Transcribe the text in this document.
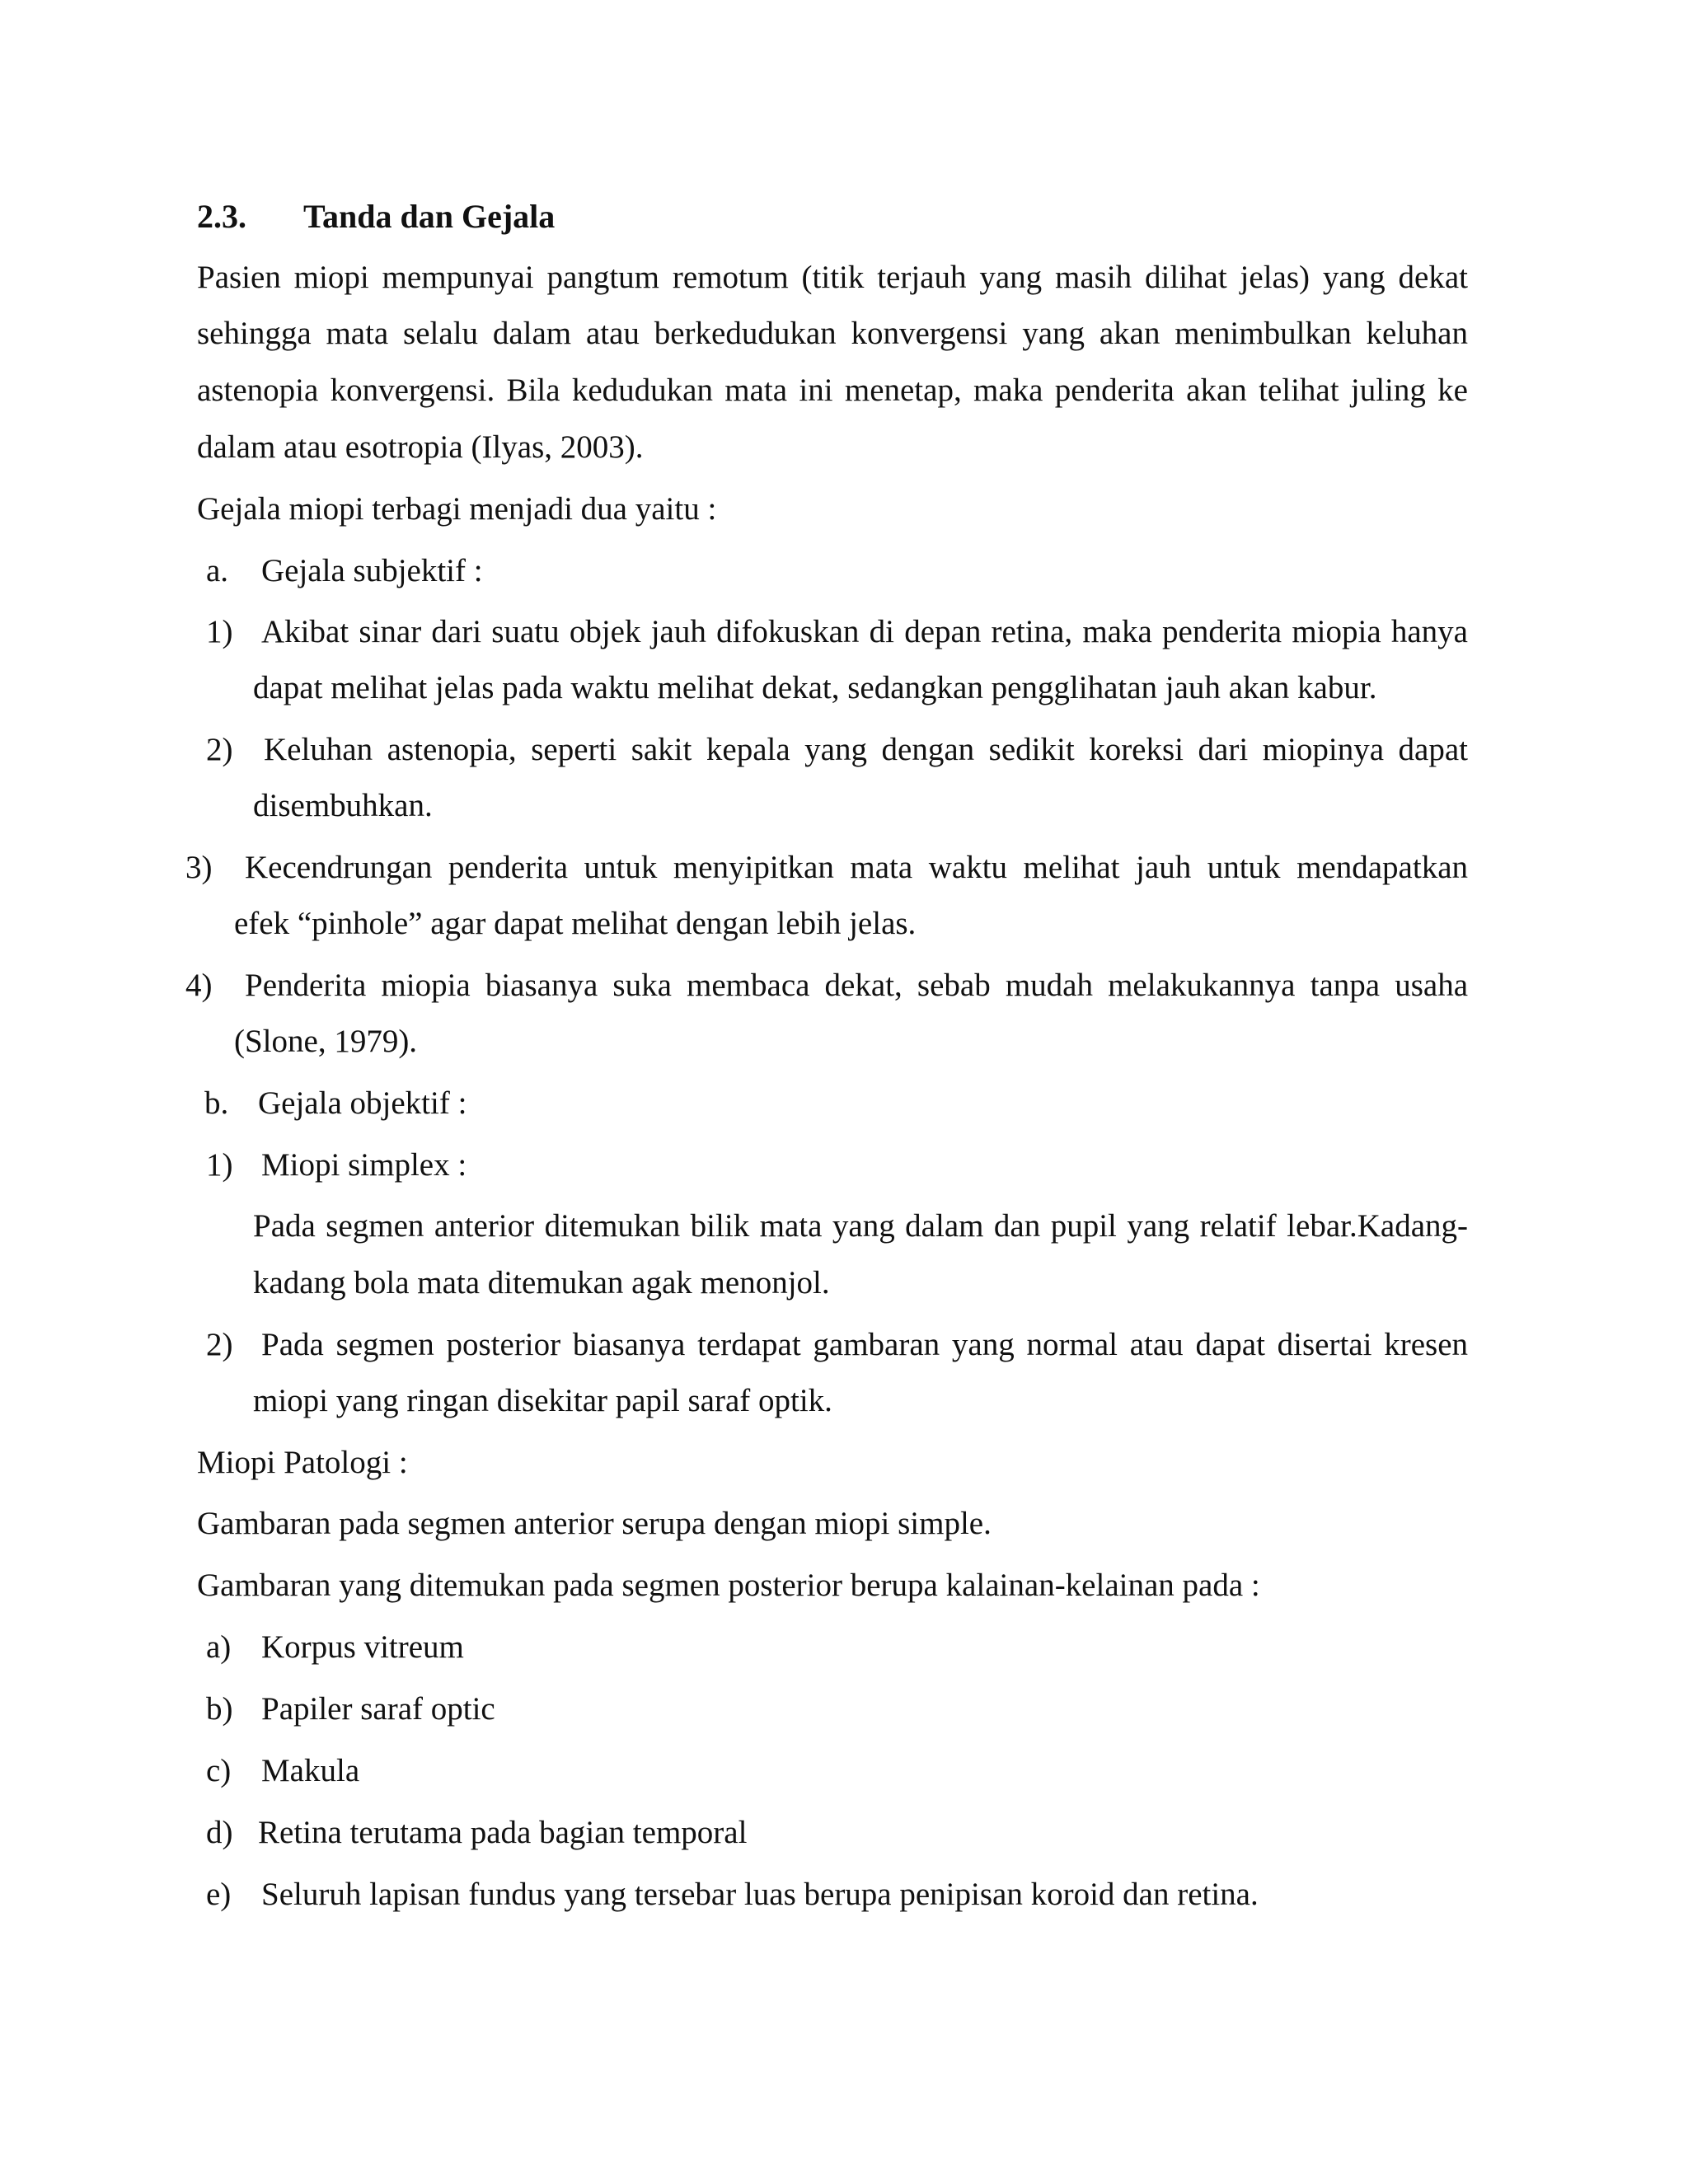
2.3. Tanda dan Gejala
Pasien miopi mempunyai pangtum remotum (titik terjauh yang masih dilihat jelas) yang dekat
sehingga mata selalu dalam atau berkedudukan konvergensi yang akan menimbulkan keluhan
astenopia konvergensi. Bila kedudukan mata ini menetap, maka penderita akan telihat juling ke
dalam atau esotropia (Ilyas, 2003).
Gejala miopi terbagi menjadi dua yaitu :
a. Gejala subjektif :
1) Akibat sinar dari suatu objek jauh difokuskan di depan retina, maka penderita miopia hanya
dapat melihat jelas pada waktu melihat dekat, sedangkan pengglihatan jauh akan kabur.
2) Keluhan astenopia, seperti sakit kepala yang dengan sedikit koreksi dari miopinya dapat
disembuhkan.
3) Kecendrungan penderita untuk menyipitkan mata waktu melihat jauh untuk mendapatkan
efek “pinhole” agar dapat melihat dengan lebih jelas.
4) Penderita miopia biasanya suka membaca dekat, sebab mudah melakukannya tanpa usaha
(Slone, 1979).
b. Gejala objektif :
1) Miopi simplex :
Pada segmen anterior ditemukan bilik mata yang dalam dan pupil yang relatif lebar.Kadang-
kadang bola mata ditemukan agak menonjol.
2) Pada segmen posterior biasanya terdapat gambaran yang normal atau dapat disertai kresen
miopi yang ringan disekitar papil saraf optik.
Miopi Patologi :
Gambaran pada segmen anterior serupa dengan miopi simple.
Gambaran yang ditemukan pada segmen posterior berupa kalainan-kelainan pada :
a) Korpus vitreum
b) Papiler saraf optic
c) Makula
d) Retina terutama pada bagian temporal
e) Seluruh lapisan fundus yang tersebar luas berupa penipisan koroid dan retina.
